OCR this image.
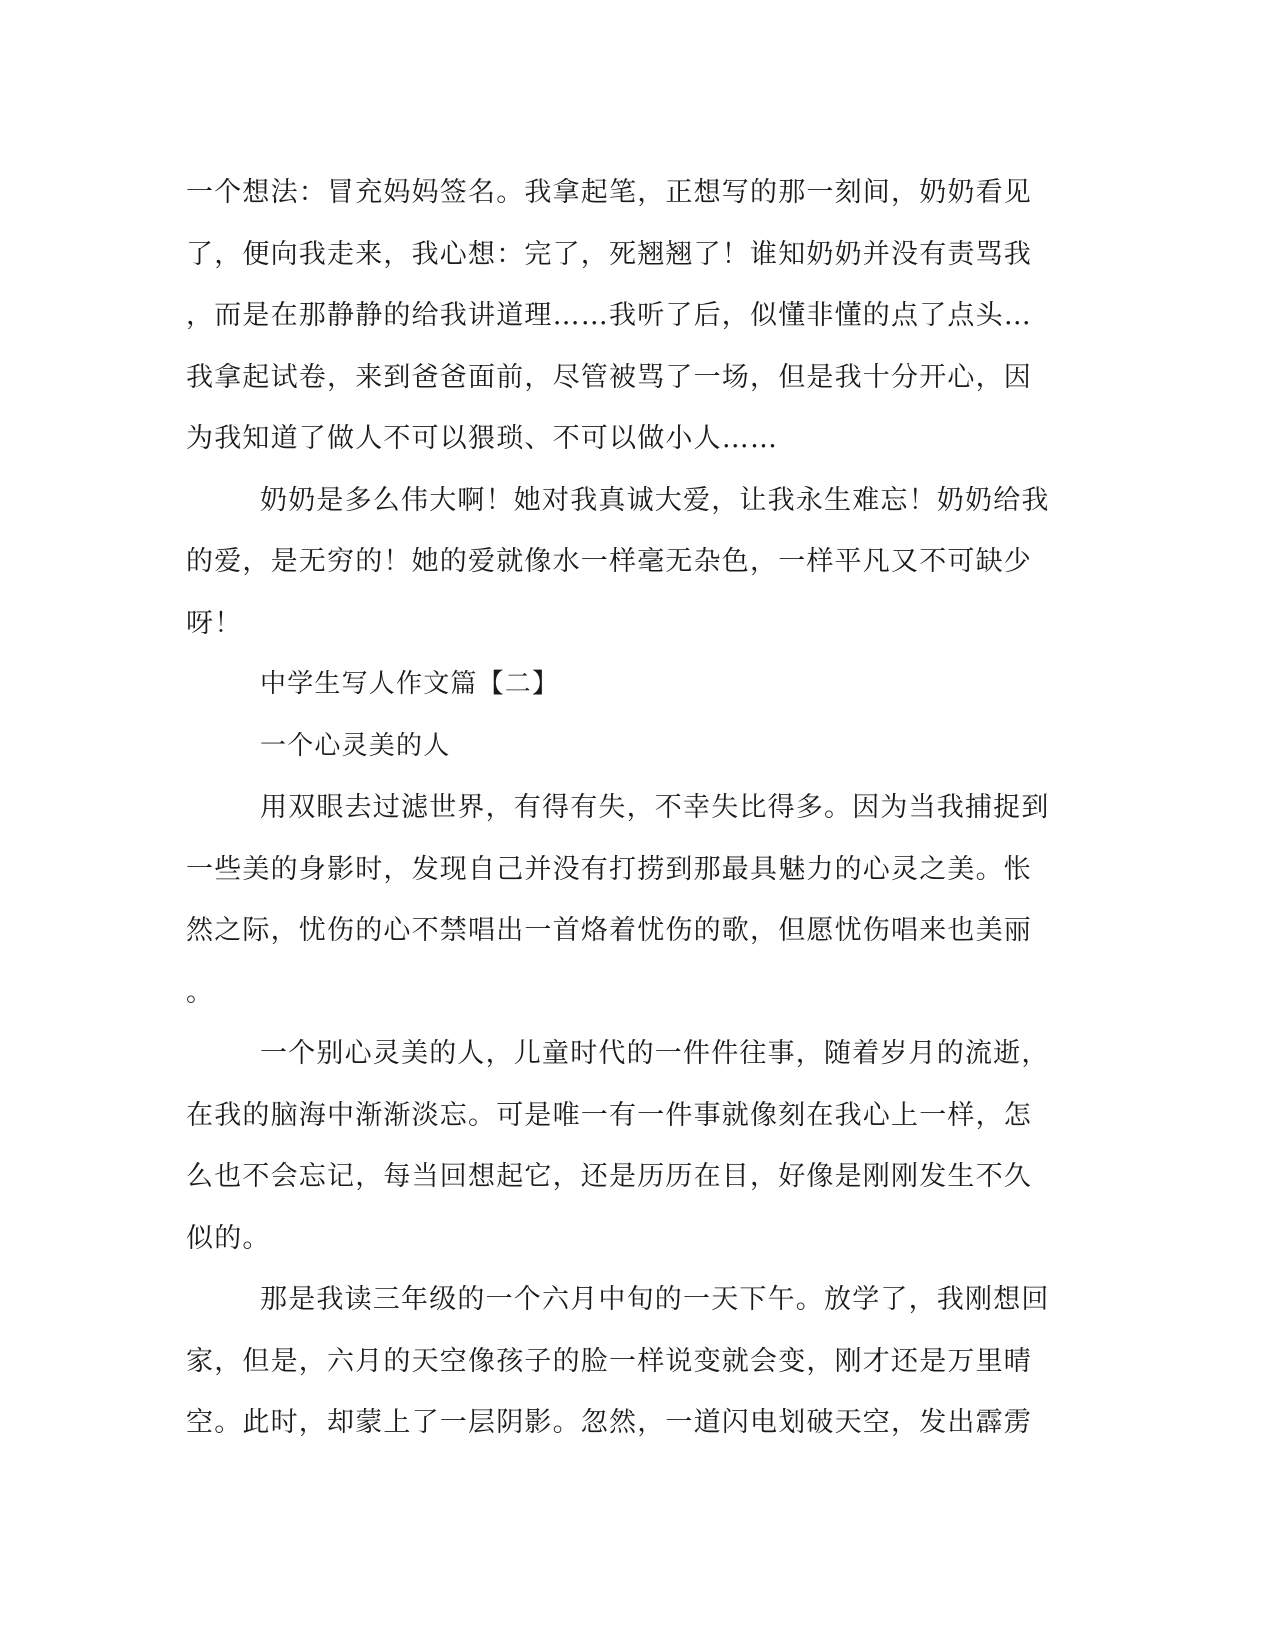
一个想法：冒充妈妈签名。我拿起笔，正想写的那一刻间，奶奶看见
了，便向我走来，我心想：完了，死翘翘了！谁知奶奶并没有责骂我
，而是在那静静的给我讲道理……我听了后，似懂非懂的点了点头…
我拿起试卷，来到爸爸面前，尽管被骂了一场，但是我十分开心，因
为我知道了做人不可以猥琐、不可以做小人……
奶奶是多么伟大啊！她对我真诚大爱，让我永生难忘！奶奶给我
的爱，是无穷的！她的爱就像水一样毫无杂色，一样平凡又不可缺少
呀！
中学生写人作文篇【二】
一个心灵美的人
用双眼去过滤世界，有得有失，不幸失比得多。因为当我捕捉到
一些美的身影时，发现自己并没有打捞到那最具魅力的心灵之美。怅
然之际，忧伤的心不禁唱出一首烙着忧伤的歌，但愿忧伤唱来也美丽
。
一个别心灵美的人，儿童时代的一件件往事，随着岁月的流逝，
在我的脑海中渐渐淡忘。可是唯一有一件事就像刻在我心上一样，怎
么也不会忘记，每当回想起它，还是历历在目，好像是刚刚发生不久
似的。
那是我读三年级的一个六月中旬的一天下午。放学了，我刚想回
家，但是，六月的天空像孩子的脸一样说变就会变，刚才还是万里晴
空。此时，却蒙上了一层阴影。忽然，一道闪电划破天空，发出霹雳
